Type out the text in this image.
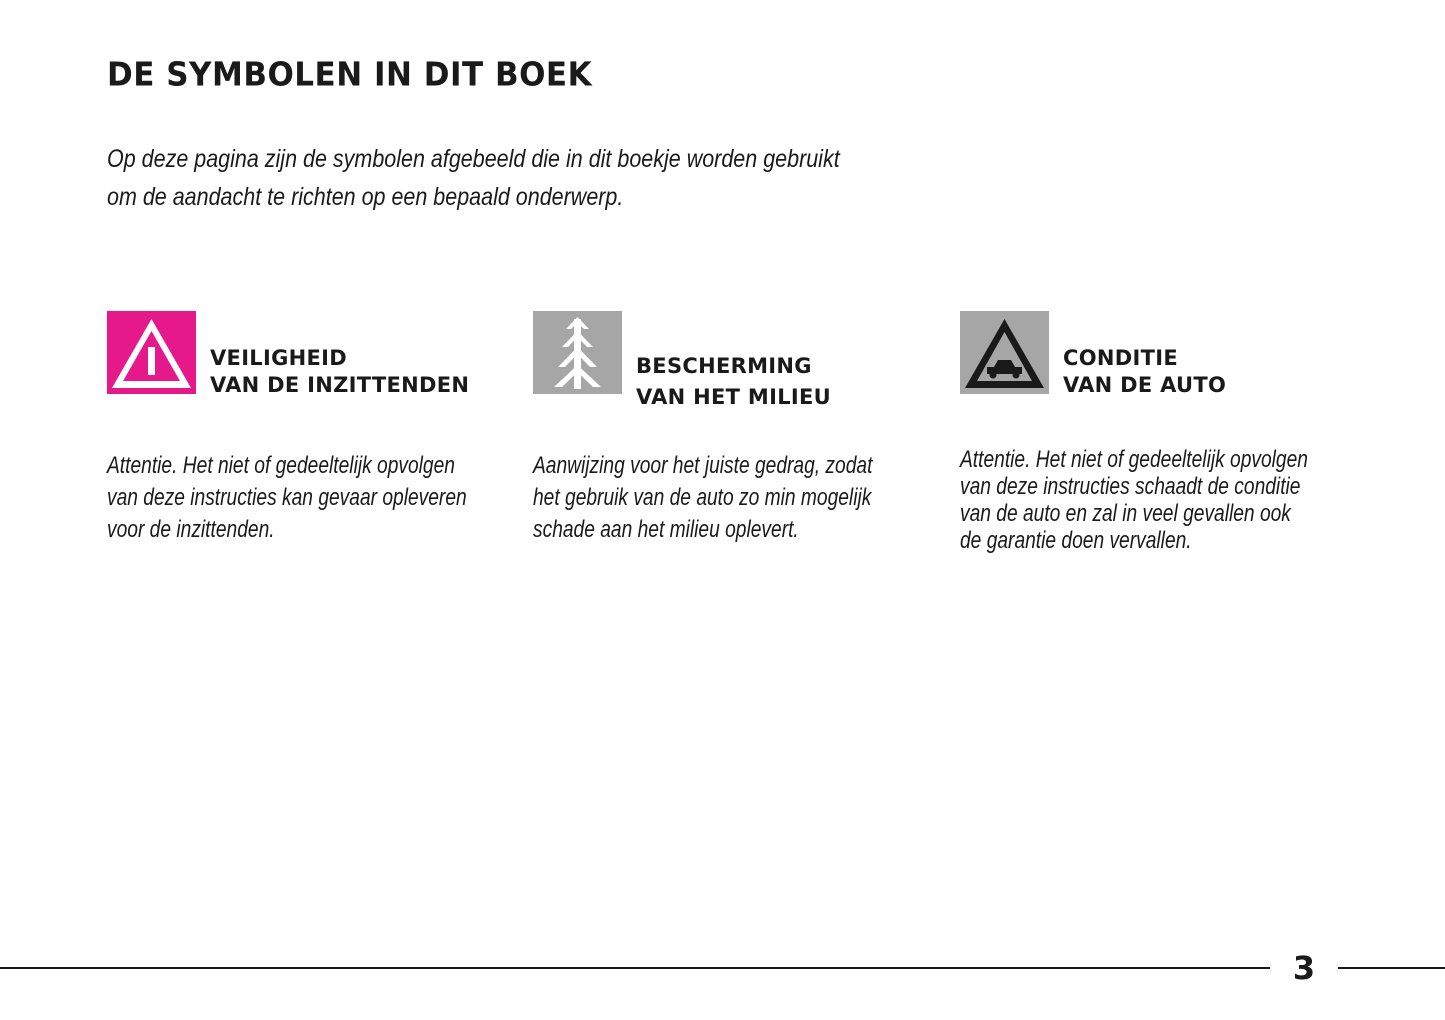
DE SYMBOLEN IN DIT BOEK
Op deze pagina zijn de symbolen afgebeeld die in dit boekje worden gebruikt
om de aandacht te richten op een bepaald onderwerp.
VEILIGHEID
VAN DE INZITTENDEN
Attentie. Het niet of gedeeltelijk opvolgen
van deze instructies kan gevaar opleveren
voor de inzittenden.
BESCHERMING
VAN HET MILIEU
Aanwijzing voor het juiste gedrag, zodat
het gebruik van de auto zo min mogelijk
schade aan het milieu oplevert.
CONDITIE
VAN DE AUTO
Attentie. Het niet of gedeeltelijk opvolgen
van deze instructies schaadt de conditie
van de auto en zal in veel gevallen ook
de garantie doen vervallen.
3
